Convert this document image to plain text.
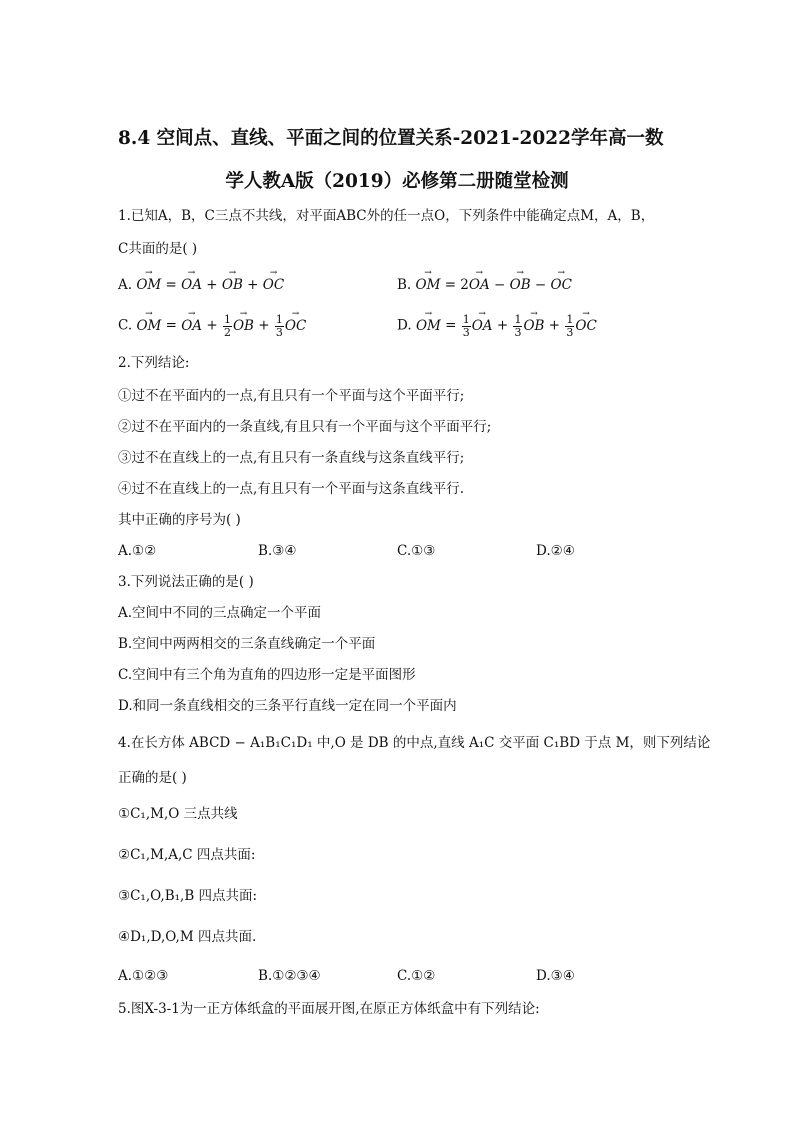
8.4 空间点、直线、平面之间的位置关系-2021-2022学年高一数
学人教A版（2019）必修第二册随堂检测
1.已知A，B，C三点不共线，对平面ABC外的任一点O，下列条件中能确定点M，A，B，
C共面的是( )
A. → OM = → OA + → OB + → OC	B. → OM = 2→ OA − → OB − → OC
C. → OM = → OA + $\frac{1}{2}$ → OB + $\frac{1}{3}$ → OC	D. → OM = $\frac{1}{3}$ → OA + $\frac{1}{3}$ → OB + $\frac{1}{3}$ → OC
2.下列结论:
①过不在平面内的一点,有且只有一个平面与这个平面平行;
②过不在平面内的一条直线,有且只有一个平面与这个平面平行;
③过不在直线上的一点,有且只有一条直线与这条直线平行;
④过不在直线上的一点,有且只有一个平面与这条直线平行.
其中正确的序号为( )
A.①②	B.③④	C.①③	D.②④
3.下列说法正确的是( )
A.空间中不同的三点确定一个平面
B.空间中两两相交的三条直线确定一个平面
C.空间中有三个角为直角的四边形一定是平面图形
D.和同一条直线相交的三条平行直线一定在同一个平面内
4.在长方体 ABCD − A₁B₁C₁D₁ 中,O 是 DB 的中点,直线 A₁C 交平面 C₁BD 于点 M，则下列结论
正确的是( )
①C₁,M,O 三点共线
②C₁,M,A,C 四点共面:
③C₁,O,B₁,B 四点共面:
④D₁,D,O,M 四点共面.
A.①②③	B.①②③④	C.①②	D.③④
5.图X-3-1为一正方体纸盒的平面展开图,在原正方体纸盒中有下列结论:
